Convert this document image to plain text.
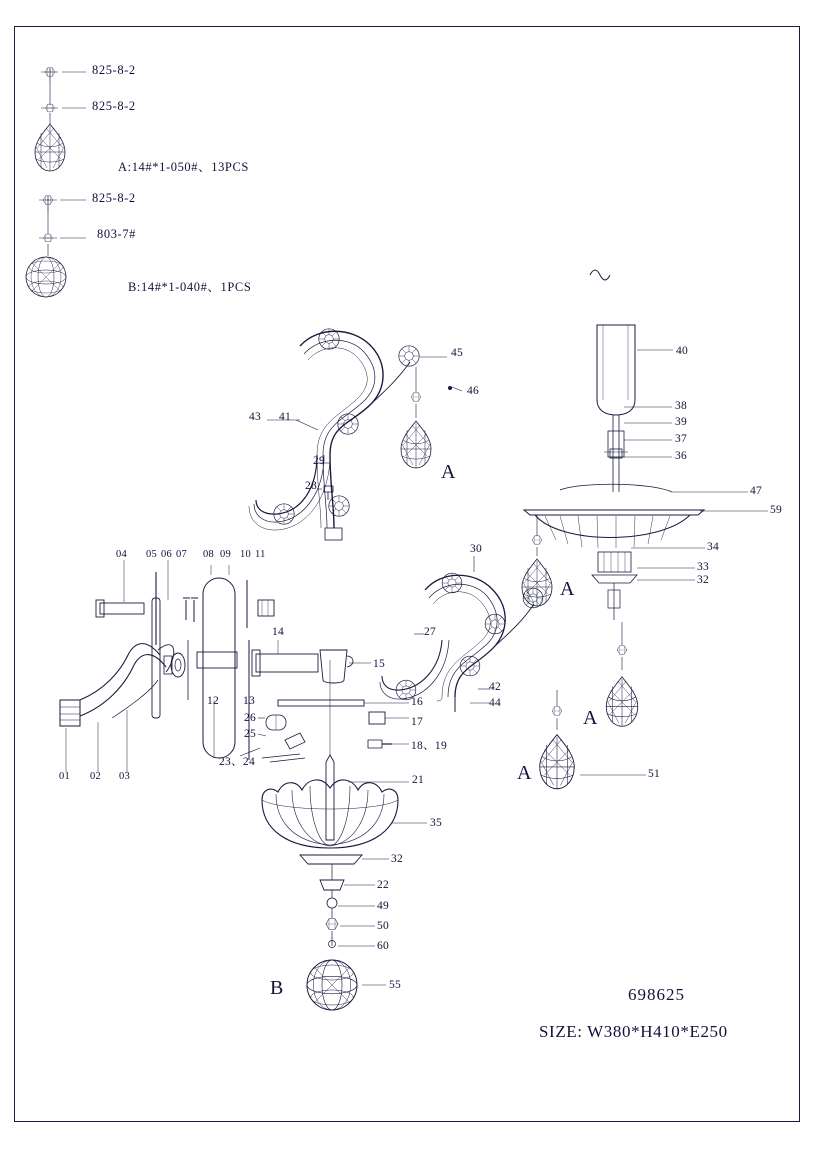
825-8-2
825-8-2
A:14#*1-050#、13PCS
825-8-2
803-7#
B:14#*1-040#、1PCS
A
A
A
A
B
45
46
43 41
29
28
40
38
39
37
36
47
59
34
33
32
30
27
42
44
51
04 05 06 07 08 09 10 11
14
15
16
17
18、19
12 13
26
25
23、24
01 02 03	21
35
32
22
49
50
60
55	698625
SIZE: W380*H410*E250
